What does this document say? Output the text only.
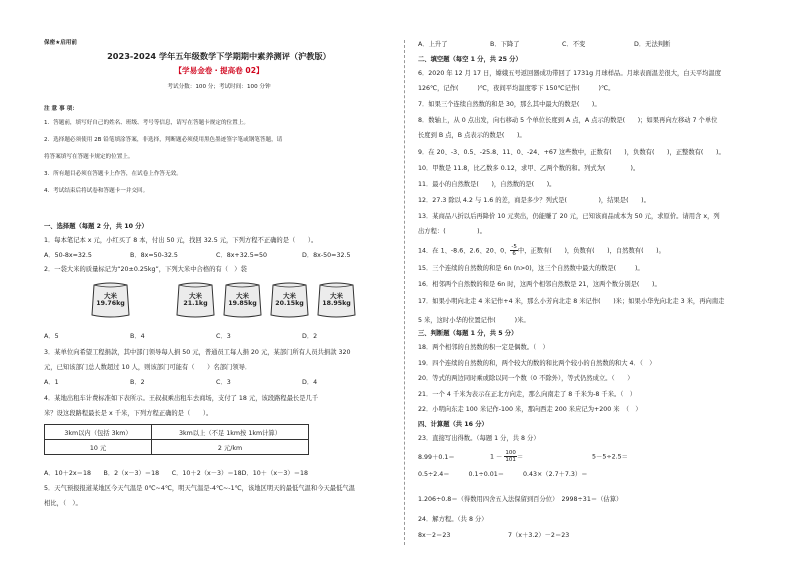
保密★启用前
2023-2024 学年五年级数学下学期期中素养测评（沪教版）
【学易金卷・提高卷 02】
考试分数：100 分；考试时间：100 分钟
注 意 事 项：
1．答题前，填写好自己的姓名、班级、考号等信息，请写在答题卡规定的位置上。
2．选择题必须使用 2B 铅笔填涂答案，非选择，判断题必须使用黑色墨迹签字笔或钢笔答题，请
将答案填写在答题卡规定的位置上。
3．所有题目必须在答题卡上作答，在试卷上作答无效。
4．考试结束后将试卷和答题卡一并交回。
一、选择题（每题 2 分，共 10 分）
1．每本笔记本 x 元，小红买了 8 本，付出 50 元，找回 32.5 元，下列方程不正确的是（　　）。
A．50-8x=32.5	B．8x=50-32.5	C．8x+32.5=50	D．8x-50=32.5
2．一袋大米的质量标记为“20±0.25kg”，下列大米中合格的有（　）袋
大米
19.76kg
大米
21.1kg
大米
19.85kg
大米
20.15kg
大米
18.95kg
A．5	B．4	C．3	D．2
3．某单位向希望工程捐款，其中部门领导每人捐 50 元，普通员工每人捐 20 元，某部门所有人员共捐款 320
元，已知该部门总人数超过 10 人，则该部门可能有（　　）名部门领导．
A．1	B．2	C．3	D．4
4．某地出租车计费标准如下表所示。王叔叔乘出租车去商场，支付了 18 元，该段路程最长是几千
米？设这段路程最长是 x 千米，下列方程正确的是（　　）。
3km以内（包括 3km）	3km以上（不足 1km按 1km计算）
10 元	2 元/km
A．10＋2x＝18　　B．2（x－3）＝18　　C．10＋2（x－3）＝18D．10＋（x－3）＝18
5．天气预报报道某地区今天气温是 0℃~4℃，明天气温是-4℃~-1℃，该地区明天的最低气温和今天最低气温
相比，（　）。
A．上升了	B．下降了	C．不变	D．无法判断
二、填空题（每空 1 分，共 25 分）
6．2020 年 12 月 17 日，嫦娥五号返回器成功带回了 1731g 月球样品。月球表面温差很大，白天平均温度
126℃，记作(　　　)℃，夜间平均温度零下 150℃记作(　　　)℃。
7．如果三个连续自然数的和是 30，那么其中最大的数是(　　)。
8．数轴上，从 0 点出发，向右移动 5 个单位长度到 A 点，A 点示的数是(　　)；如果再向左移动 7 个单位
长度到 B 点，B 点表示的数是(　　)。
9．在 20、-3、0.5、-25.8、11、0、-24、+67 这些数中，正数有(　　)，负数有(　　)，正整数有(　　)。
10．甲数是 11.8，比乙数多 0.12，求甲、乙两个数的和。列式为(　　　　)。
11．最小的自然数是(　　)，自然数的是(　　)。
12．27.3 除以 4.2 与 1.6 的差，商是多少？列式是(　　　　　)，结果是(　　)。
13．某商品八折以后再降价 10 元卖出，仍能赚了 20 元，已知该商品成本为 50 元，求原价。请用含 x，列
出方程：(　　　　　)。
14．在 1、-8.6、2.6、20、0、 $\frac{-5}{6}$ 中，正数有(　　)，负数有(　　)，自然数有(　　)。
15．三个连续的自然数的和是 6n (n>0)，这三个自然数中最大的数是(　　　)。
16．相邻两个自然数的和是 6n 时，这两个相邻自然数是 21，这两个数分别是(　　)。
17．如果小明向北走 4 米记作+4 米，那么小芳向北走 8 米记作(　　)米；如果小华先向北走 3 米，再向南走
5 米，这时小华的位置记作(　　　)米。
三、判断题（每题 1 分，共 5 分）
18．两个相邻的自然数的积一定是偶数。（　）
19．四个连续的自然数的和，两个较大的数的和比两个较小的自然数的和大 4．（　）
20．等式的两边同时乘或除以同一个数（0 不除外），等式仍然成立。（　　）
21．一个 4 千米为表示在正北方向走，那么向南走了 8 千米为-8 千米。（　）
22．小明向东走 100 米记作-100 米，那向西走 200 米应记为+200 米　（　）
四、计算题（共 16 分）
23．直接写出得数。（每题 1 分，共 8 分）
8.99＋0.1＝	$1 - \frac{100}{101}$ ＝	5－5÷2.5＝
0.5÷2.4＝　　　0.1÷0.01＝　　　0.43×（2.7＋7.3）＝
1.206÷0.8＝（得数用四舍五入法保留到百分位）　2998÷31＝（估算）
24．解方程。（共 8 分）
8x－2＝23	7（x＋3.2）－2＝23
